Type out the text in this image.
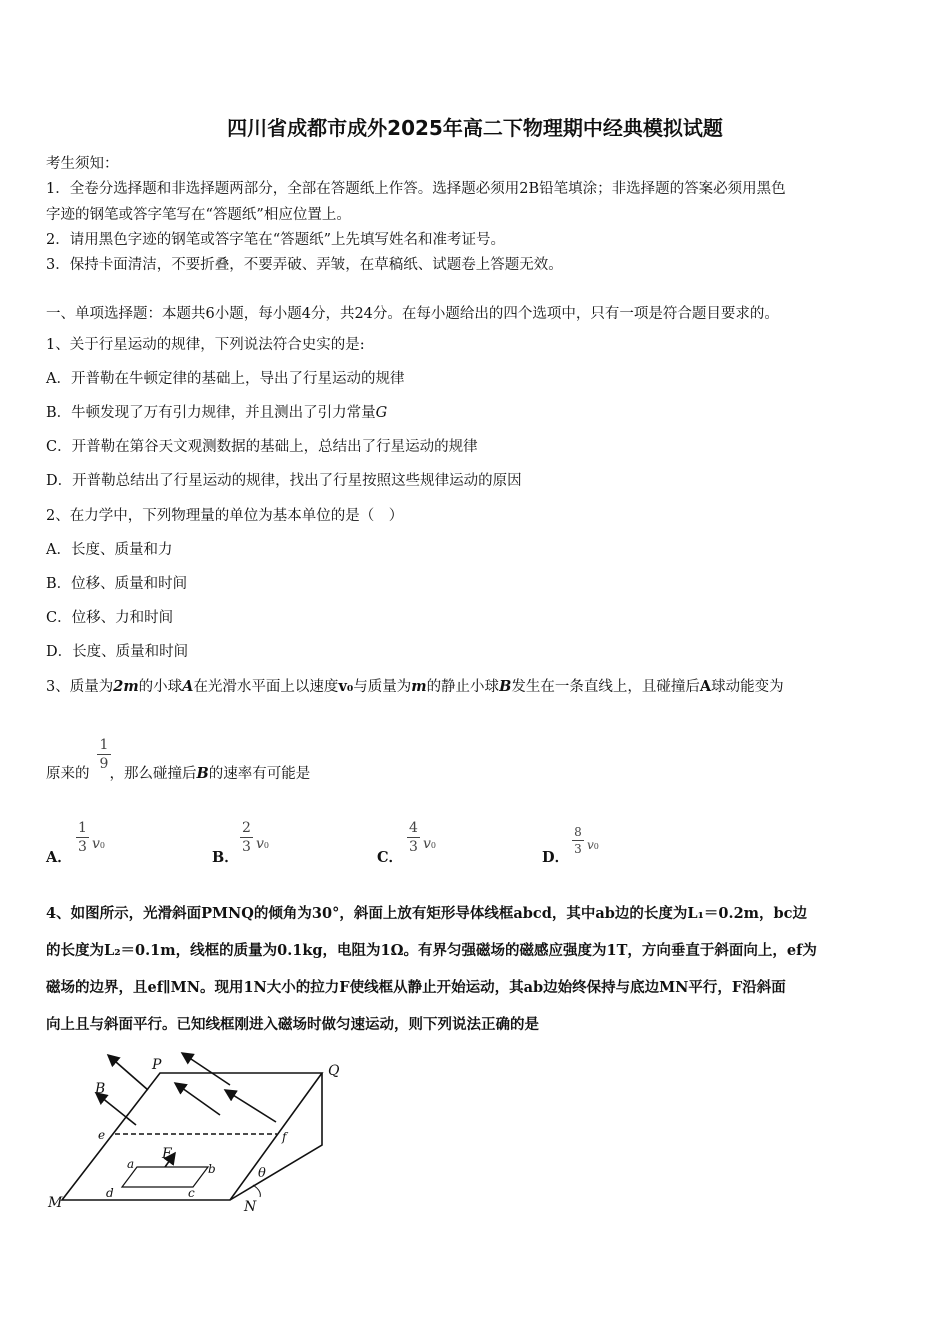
四川省成都市成外2025年高二下物理期中经典模拟试题
考生须知：
1．全卷分选择题和非选择题两部分，全部在答题纸上作答。选择题必须用2B铅笔填涂；非选择题的答案必须用黑色
字迹的钢笔或答字笔写在“答题纸”相应位置上。
2．请用黑色字迹的钢笔或答字笔在“答题纸”上先填写姓名和准考证号。
3．保持卡面清洁，不要折叠，不要弄破、弄皱，在草稿纸、试题卷上答题无效。
一、单项选择题：本题共6小题，每小题4分，共24分。在每小题给出的四个选项中，只有一项是符合题目要求的。
1、关于行星运动的规律，下列说法符合史实的是:
A．开普勒在牛顿定律的基础上，导出了行星运动的规律
B．牛顿发现了万有引力规律，并且测出了引力常量G
C．开普勒在第谷天文观测数据的基础上，总结出了行星运动的规律
D．开普勒总结出了行星运动的规律，找出了行星按照这些规律运动的原因
2、在力学中，下列物理量的单位为基本单位的是（　）
A．长度、质量和力
B．位移、质量和时间
C．位移、力和时间
D．长度、质量和时间
3、质量为2m的小球A在光滑水平面上以速度v₀与质量为m的静止小球B发生在一条直线上，且碰撞后A球动能变为
1
9
原来的 ，那么碰撞后B的速率有可能是
A．
1
3 v0
B．
2
3 v0
C．
4
3 v0
D．
8
3 v0
4、如图所示，光滑斜面PMNQ的倾角为30°，斜面上放有矩形导体线框abcd，其中ab边的长度为L₁＝0.2m，bc边
的长度为L₂＝0.1m，线框的质量为0.1kg，电阻为1Ω。有界匀强磁场的磁感应强度为1T，方向垂直于斜面向上，ef为
磁场的边界，且ef∥MN。现用1N大小的拉力F使线框从静止开始运动，其ab边始终保持与底边MN平行，F沿斜面
向上且与斜面平行。已知线框刚进入磁场时做匀速运动，则下列说法正确的是
P	Q
B
e	f
F
a	b
c
d
M	N
θ
